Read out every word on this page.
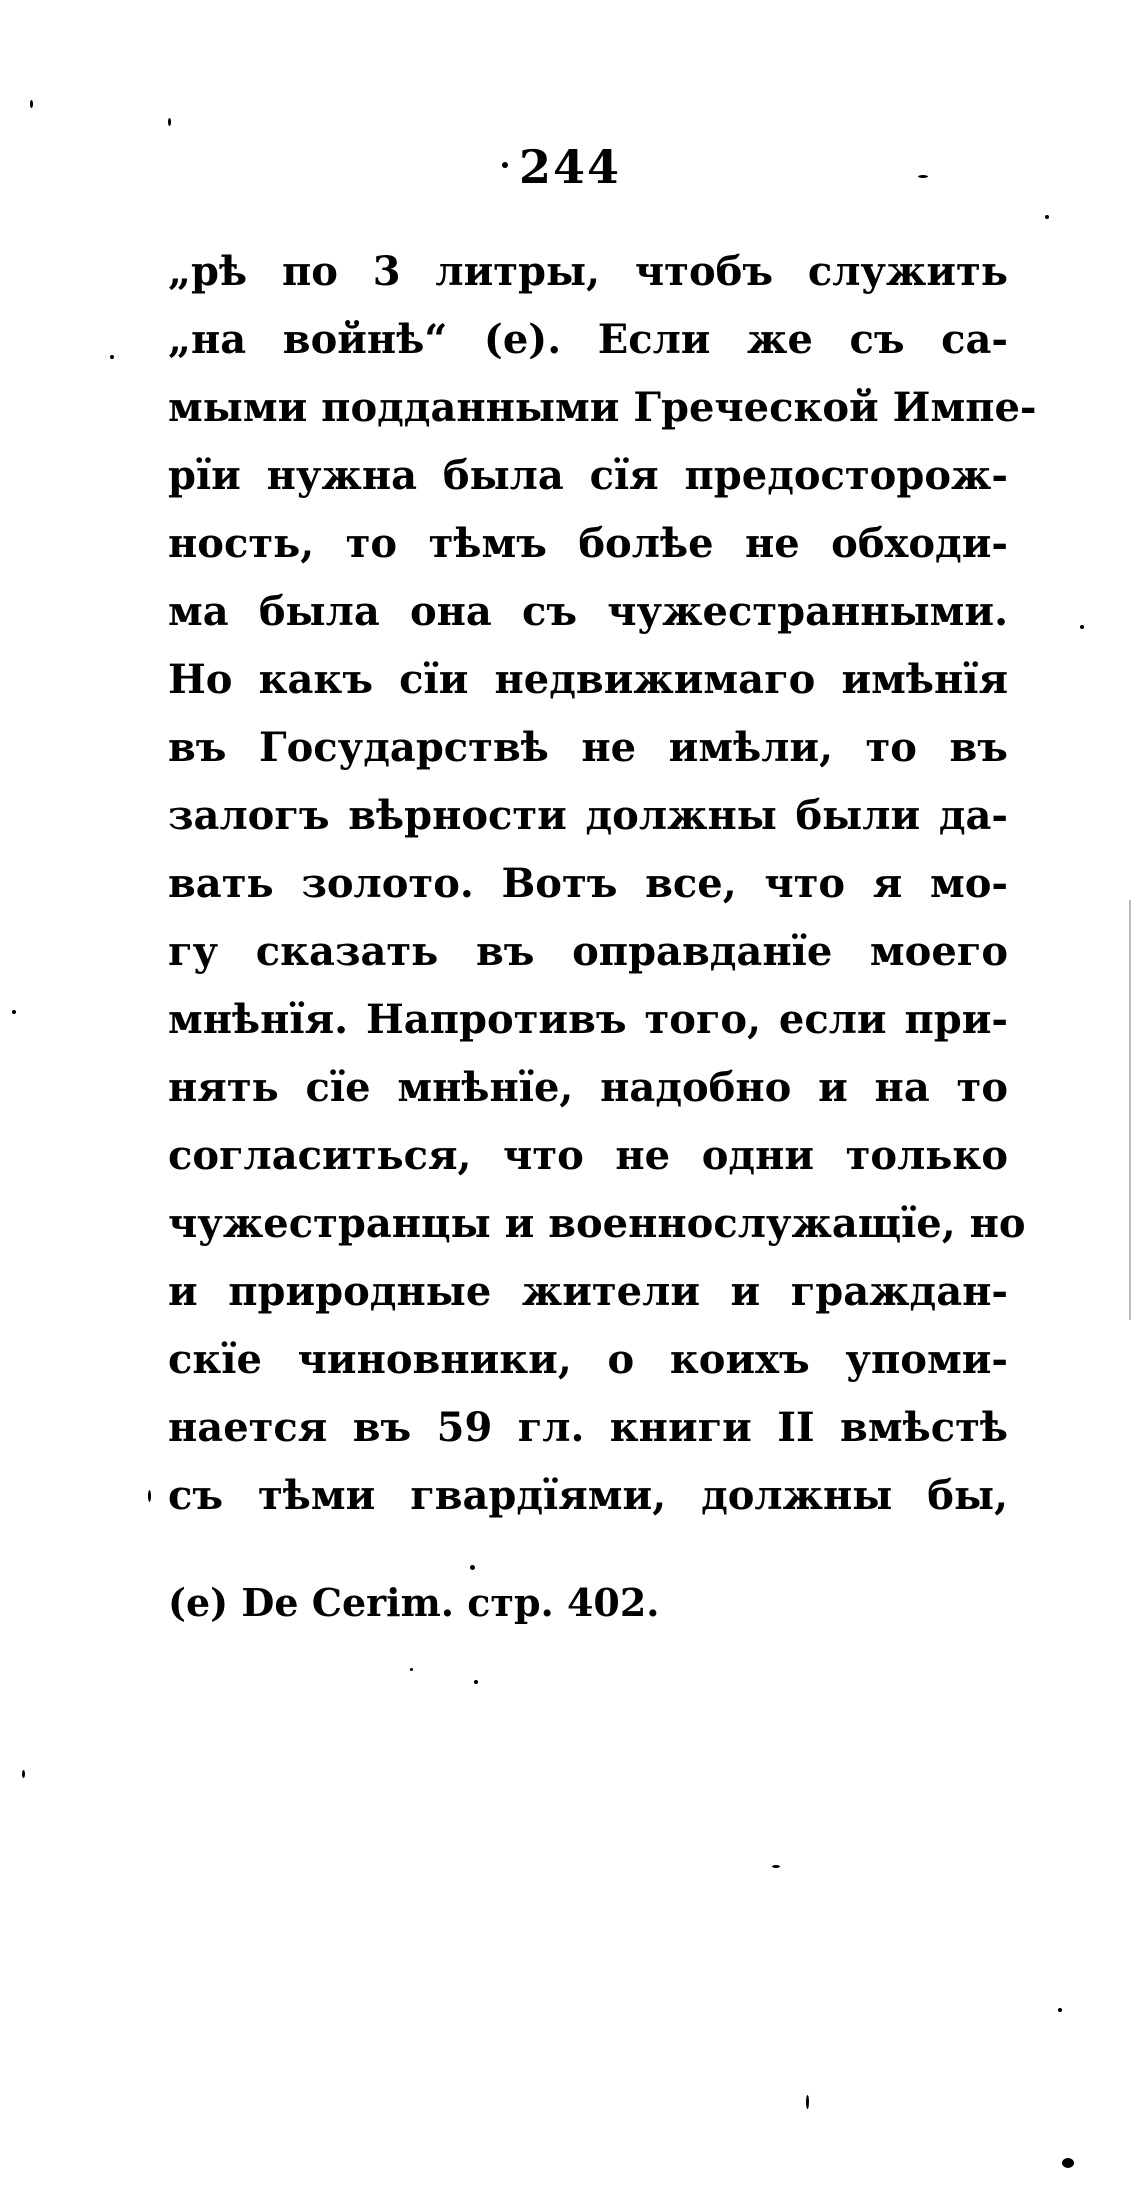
244
„рѣ по 3 литры, чтобъ служить
„на войнѣ“ (е). Если же съ са-
мыми подданными Греческой Импе-
рїи нужна была сїя предосторож-
ность, то тѣмъ болѣе не обходи-
ма была она съ чужестранными.
Но какъ сїи недвижимаго имѣнїя
въ Государствѣ не имѣли, то въ
залогъ вѣрности должны были да-
вать золото. Вотъ все, что я мо-
гу сказать въ оправданїе моего
мнѣнїя. Напротивъ того, если при-
нять сїе мнѣнїе, надобно и на то
согласиться, что не одни только
чужестранцы и военнослужащїе, но
и природные жители и граждан-
скїе чиновники, о коихъ упоми-
нается въ 59 гл. книги II вмѣстѣ
съ тѣми гвардїями, должны бы,
(е) De Cerim. стр. 402.
